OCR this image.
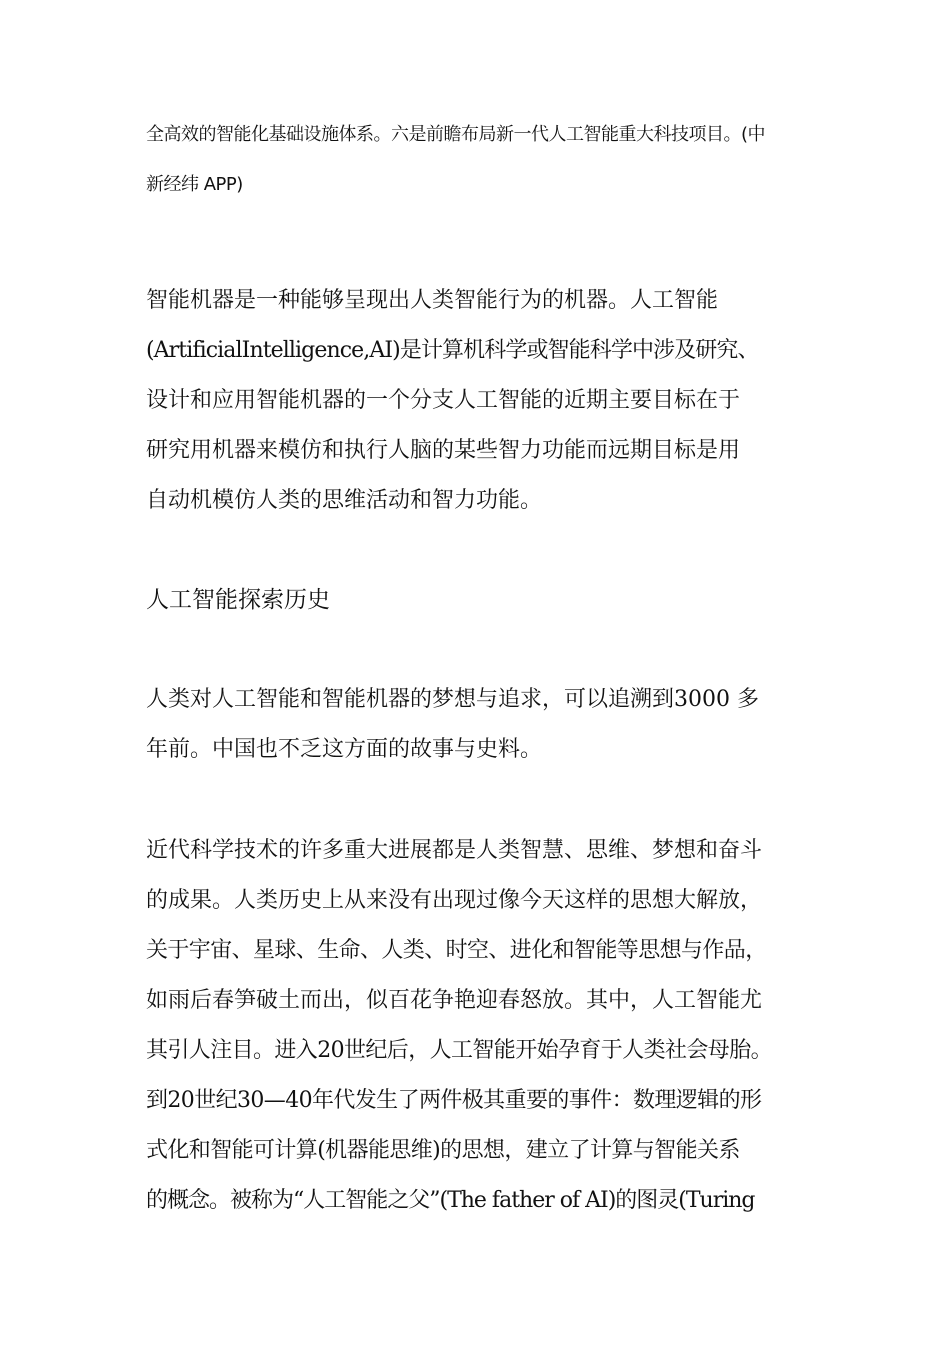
全高效的智能化基础设施体系。六是前瞻布局新一代人工智能重大科技项目。(中
新经纬 APP)
智能机器是一种能够呈现出人类智能行为的机器。人工智能
(ArtificialIntelligence,AI)是计算机科学或智能科学中涉及研究、
设计和应用智能机器的一个分支人工智能的近期主要目标在于
研究用机器来模仿和执行人脑的某些智力功能而远期目标是用
自动机模仿人类的思维活动和智力功能。
人工智能探索历史
人类对人工智能和智能机器的梦想与追求，可以追溯到3000 多
年前。中国也不乏这方面的故事与史料。
近代科学技术的许多重大进展都是人类智慧、思维、梦想和奋斗
的成果。人类历史上从来没有出现过像今天这样的思想大解放，
关于宇宙、星球、生命、人类、时空、进化和智能等思想与作品，
如雨后春笋破土而出，似百花争艳迎春怒放。其中，人工智能尤
其引人注目。进入20世纪后，人工智能开始孕育于人类社会母胎。
到20世纪30—40年代发生了两件极其重要的事件：数理逻辑的形
式化和智能可计算(机器能思维)的思想，建立了计算与智能关系
的概念。被称为“人工智能之父”(The father of AI)的图灵(Turing
